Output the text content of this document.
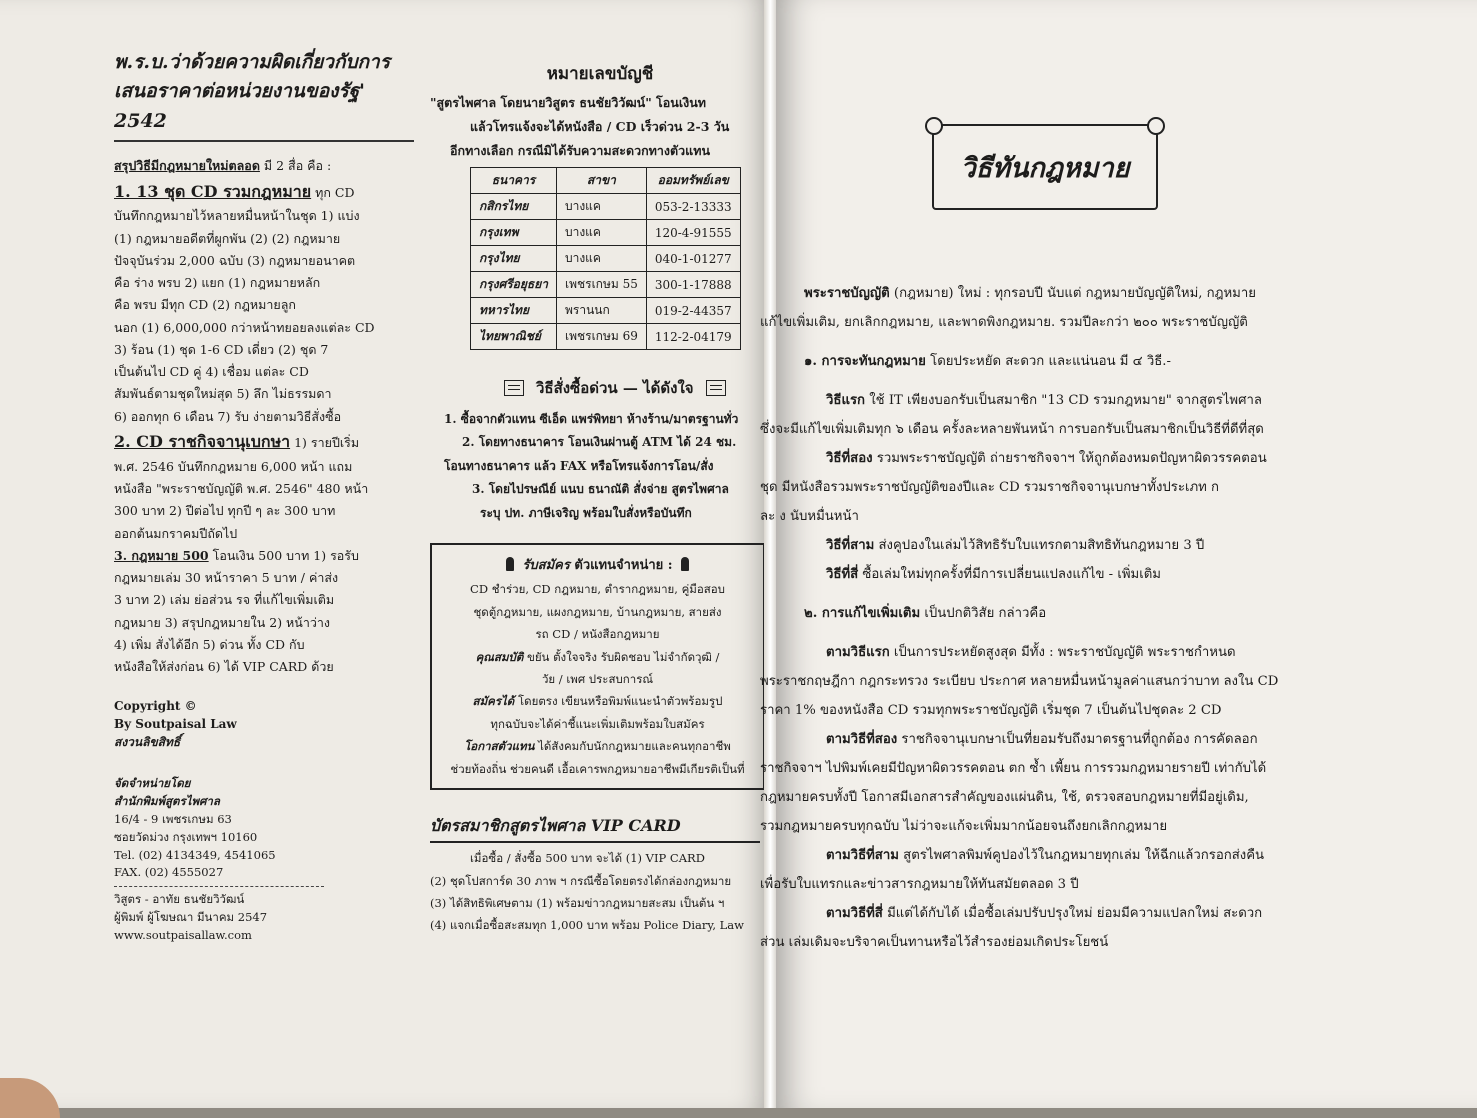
พ.ร.บ.ว่าด้วยความผิดเกี่ยวกับการ
เสนอราคาต่อหน่วยงานของรัฐ' 2542

สรุปวิธีมีกฎหมายใหม่ตลอด มี 2 สื่อ คือ :

1. 13 ชุด CD รวมกฎหมาย ทุก CD

บันทึกกฎหมายไว้หลายหมื่นหน้าในชุด 1) แบ่ง

(1) กฎหมายอดีตที่ผูกพัน (2) (2) กฎหมาย

ปัจจุบันร่วม 2,000 ฉบับ (3) กฎหมายอนาคต

คือ ร่าง พรบ 2) แยก (1) กฎหมายหลัก

คือ พรบ มีทุก CD (2) กฎหมายลูก

นอก (1) 6,000,000 กว่าหน้าทยอยลงแต่ละ CD

3) ร้อน (1) ชุด 1-6 CD เดี่ยว (2) ชุด 7

เป็นต้นไป CD คู่ 4) เชื่อม แต่ละ CD

สัมพันธ์ตามชุดใหม่สุด 5) ลึก ไม่ธรรมดา

6) ออกทุก 6 เดือน 7) รับ ง่ายตามวิธีสั่งซื้อ

2. CD ราชกิจจานุเบกษา 1) รายปีเริ่ม

พ.ศ. 2546 บันทึกกฎหมาย 6,000 หน้า แถม

หนังสือ "พระราชบัญญัติ พ.ศ. 2546" 480 หน้า

300 บาท 2) ปีต่อไป ทุกปี ๆ ละ 300 บาท

ออกต้นมกราคมปีถัดไป

3. กฎหมาย 500 โอนเงิน 500 บาท 1) รอรับ

กฎหมายเล่ม 30 หน้าราคา 5 บาท / ค่าส่ง

3 บาท 2) เล่ม ย่อส่วน รจ ที่แก้ไขเพิ่มเติม

กฎหมาย 3) สรุปกฎหมายใน 2) หน้าว่าง

4) เพิ่ม สั่งได้อีก 5) ด่วน ทั้ง CD กับ

หนังสือให้ส่งก่อน 6) ได้ VIP CARD ด้วย

Copyright ©
By Soutpaisal Law
สงวนลิขสิทธิ์
จัดจำหน่ายโดย
สำนักพิมพ์สูตรไพศาล
16/4 - 9 เพชรเกษม 63
ซอยวัดม่วง กรุงเทพฯ 10160
Tel. (02) 4134349, 4541065
FAX. (02) 4555027
วิสูตร - อาทัย ธนชัยวิวัฒน์
ผู้พิมพ์ ผู้โฆษณา มีนาคม 2547
www.soutpaisallaw.com
หมายเลขบัญชี
"สูตรไพศาล โดยนายวิสูตร ธนชัยวิวัฒน์" โอนเงินท
แล้วโทรแจ้งจะได้หนังสือ / CD เร็วด่วน 2-3 วัน
อีกทางเลือก กรณีมิได้รับความสะดวกทางตัวแทน
ธนาคาร	สาขา	ออมทรัพย์เลข
กสิกรไทย	บางแค	053-2-13333
กรุงเทพ	บางแค	120-4-91555
กรุงไทย	บางแค	040-1-01277
กรุงศรีอยุธยา	เพชรเกษม 55	300-1-17888
ทหารไทย	พรานนก	019-2-44357
ไทยพาณิชย์	เพชรเกษม 69	112-2-04179
วิธีสั่งซื้อด่วน — ได้ดังใจ
1. ซื้อจากตัวแทน ซีเอ็ด แพร่พิทยา ห้างร้าน/มาตรฐานทั่ว
2. โดยทางธนาคาร โอนเงินผ่านตู้ ATM ได้ 24 ชม.
โอนทางธนาคาร แล้ว FAX หรือโทรแจ้งการโอน/สั่ง
3. โดยไปรษณีย์ แนบ ธนาณัติ สั่งจ่าย สูตรไพศาล
ระบุ ปท. ภาษีเจริญ พร้อมใบสั่งหรือบันทึก
รับสมัคร ตัวแทนจำหน่าย :
CD ชำร่วย, CD กฎหมาย, ตำรากฎหมาย, คู่มือสอบ
ชุดตู้กฎหมาย, แผงกฎหมาย, บ้านกฎหมาย, สายส่ง
รถ CD / หนังสือกฎหมาย
คุณสมบัติ ขยัน ตั้งใจจริง รับผิดชอบ ไม่จำกัดวุฒิ /
วัย / เพศ ประสบการณ์
สมัครได้ โดยตรง เขียนหรือพิมพ์แนะนำตัวพร้อมรูป
ทุกฉบับจะได้ค่าชี้แนะเพิ่มเติมพร้อมใบสมัคร
โอกาสตัวแทน ได้สังคมกับนักกฎหมายและคนทุกอาชีพ
ช่วยท้องถิ่น ช่วยคนดี เอื้อเคารพกฎหมายอาชีพมีเกียรติเป็นที่
บัตรสมาชิกสูตรไพศาล VIP CARD
เมื่อซื้อ / สั่งซื้อ 500 บาท จะได้ (1) VIP CARD
(2) ชุดโปสการ์ด 30 ภาพ ฯ กรณีซื้อโดยตรงได้กล่องกฎหมาย
(3) ได้สิทธิพิเศษตาม (1) พร้อมข่าวกฎหมายสะสม เป็นต้น ฯ
(4) แจกเมื่อซื้อสะสมทุก 1,000 บาท พร้อม Police Diary, Law
วิธีทันกฎหมาย

พระราชบัญญัติ (กฎหมาย) ใหม่ : ทุกรอบปี นับแต่ กฎหมายบัญญัติใหม่, กฎหมาย

แก้ไขเพิ่มเติม, ยกเลิกกฎหมาย, และพาดพิงกฎหมาย. รวมปีละกว่า ๒๐๐ พระราชบัญญัติ

๑. การจะทันกฎหมาย โดยประหยัด สะดวก และแน่นอน มี ๔ วิธี.-

วิธีแรก ใช้ IT เพียงบอกรับเป็นสมาชิก "13 CD รวมกฎหมาย" จากสูตรไพศาล

ซึ่งจะมีแก้ไขเพิ่มเติมทุก ๖ เดือน ครั้งละหลายพันหน้า การบอกรับเป็นสมาชิกเป็นวิธีที่ดีที่สุด

วิธีที่สอง รวมพระราชบัญญัติ ถ่ายราชกิจจาฯ ให้ถูกต้องหมดปัญหาผิดวรรคตอน

ชุด มีหนังสือรวมพระราชบัญญัติของปีและ CD รวมราชกิจจานุเบกษาทั้งประเภท ก

ละ ง นับหมื่นหน้า

วิธีที่สาม ส่งคูปองในเล่มไว้สิทธิรับใบแทรกตามสิทธิทันกฎหมาย 3 ปี

วิธีที่สี่ ซื้อเล่มใหม่ทุกครั้งที่มีการเปลี่ยนแปลงแก้ไข - เพิ่มเติม

๒. การแก้ไขเพิ่มเติม เป็นปกติวิสัย กล่าวคือ

ตามวิธีแรก เป็นการประหยัดสูงสุด มีทั้ง : พระราชบัญญัติ พระราชกำหนด

พระราชกฤษฎีกา กฎกระทรวง ระเบียบ ประกาศ หลายหมื่นหน้ามูลค่าแสนกว่าบาท ลงใน CD

ราคา 1% ของหนังสือ CD รวมทุกพระราชบัญญัติ เริ่มชุด 7 เป็นต้นไปชุดละ 2 CD

ตามวิธีที่สอง ราชกิจจานุเบกษาเป็นที่ยอมรับถึงมาตรฐานที่ถูกต้อง การคัดลอก

ราชกิจจาฯ ไปพิมพ์เคยมีปัญหาผิดวรรคตอน ตก ซ้ำ เพี้ยน การรวมกฎหมายรายปี เท่ากับได้

กฎหมายครบทั้งปี โอกาสมีเอกสารสำคัญของแผ่นดิน, ใช้, ตรวจสอบกฎหมายที่มีอยู่เดิม,

รวมกฎหมายครบทุกฉบับ ไม่ว่าจะแก้จะเพิ่มมากน้อยจนถึงยกเลิกกฎหมาย

ตามวิธีที่สาม สูตรไพศาลพิมพ์คูปองไว้ในกฎหมายทุกเล่ม ให้ฉีกแล้วกรอกส่งคืน

เพื่อรับใบแทรกและข่าวสารกฎหมายให้ทันสมัยตลอด 3 ปี

ตามวิธีที่สี่ มีแต่ได้กับได้ เมื่อซื้อเล่มปรับปรุงใหม่ ย่อมมีความแปลกใหม่ สะดวก

ส่วน เล่มเดิมจะบริจาคเป็นทานหรือไว้สำรองย่อมเกิดประโยชน์
